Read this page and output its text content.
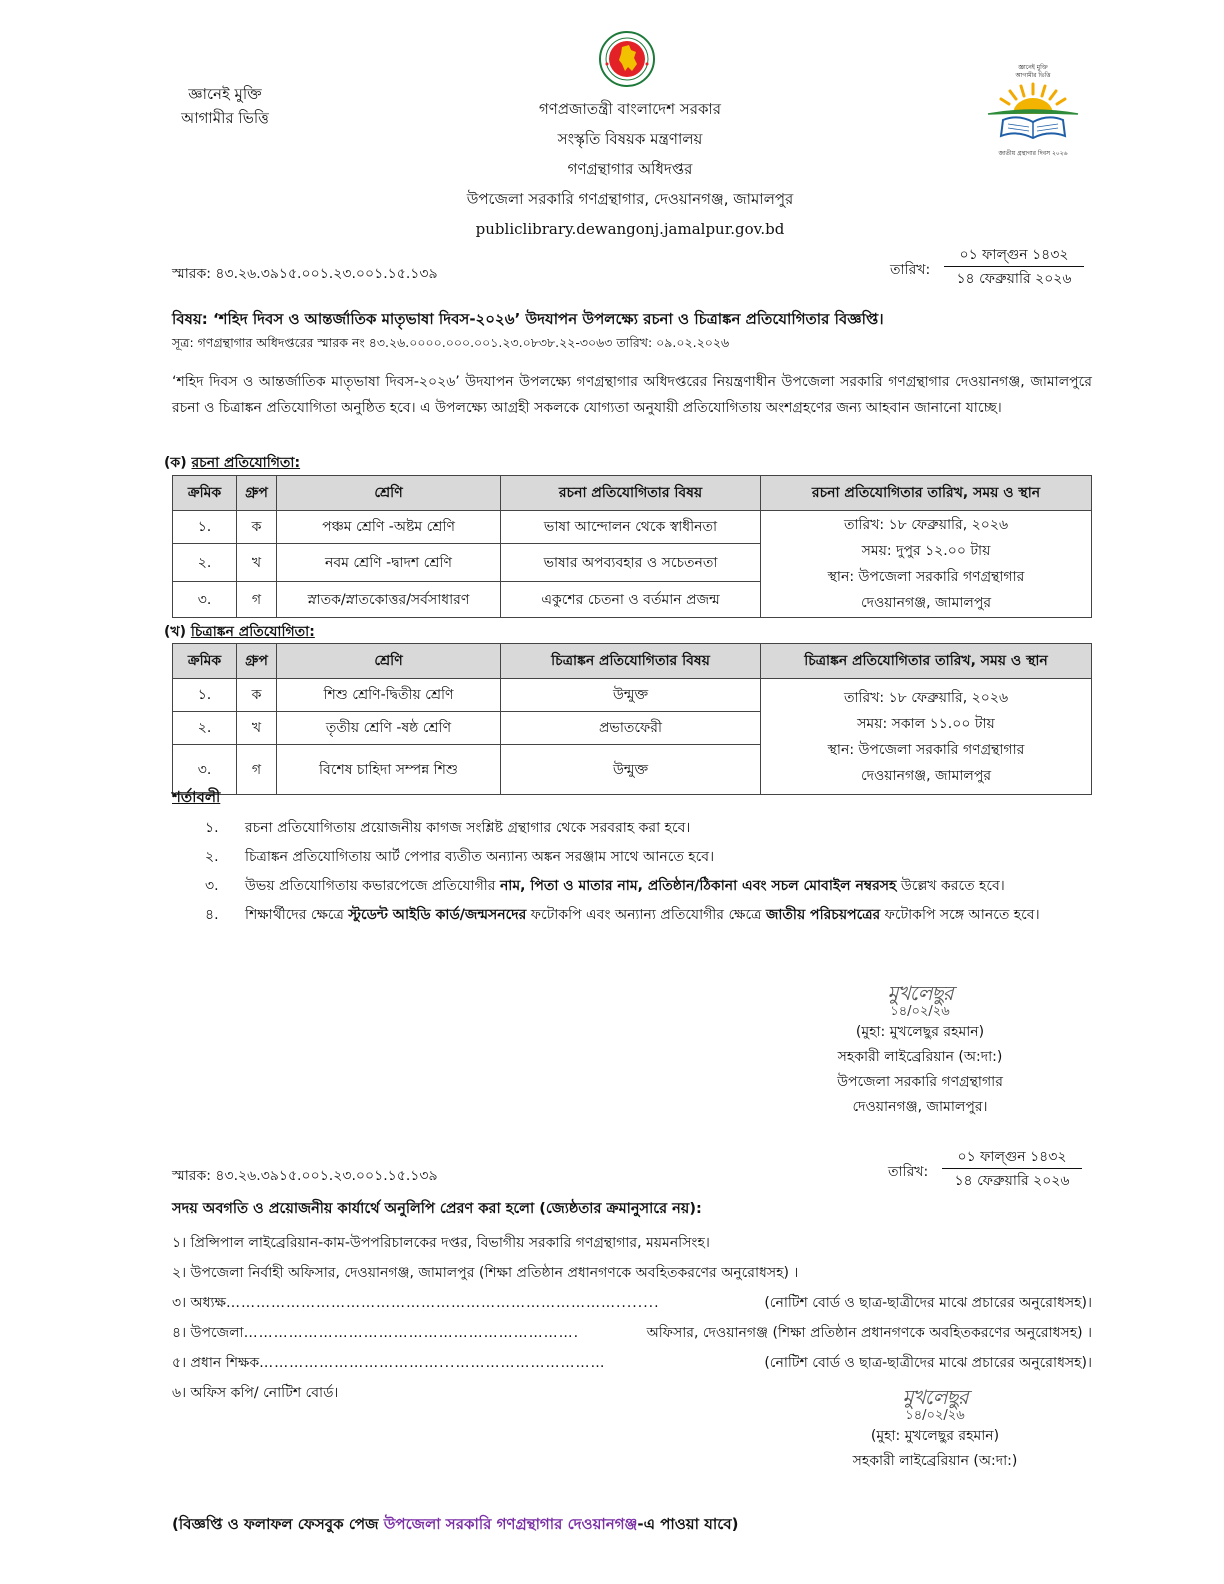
জ্ঞানেই মুক্তি
আগামীর ভিত্তি	গণপ্রজাতন্ত্রী বাংলাদেশ সরকার
সংস্কৃতি বিষয়ক মন্ত্রণালয়
গণগ্রন্থাগার অধিদপ্তর
উপজেলা সরকারি গণগ্রন্থাগার, দেওয়ানগঞ্জ, জামালপুর
publiclibrary.dewangonj.jamalpur.gov.bd
জ্ঞানেই মুক্তি
আগামীর ভিত্তি
জাতীয় গ্রন্থাগার দিবস ২০২৬
স্মারক: ৪৩.২৬.৩৯১৫.০০১.২৩.০০১.১৫.১৩৯	তারিখ:
০১ ফাল্গুন ১৪৩২
১৪ ফেব্রুয়ারি ২০২৬
বিষয়: ‘শহিদ দিবস ও আন্তর্জাতিক মাতৃভাষা দিবস-২০২৬’ উদযাপন উপলক্ষ্যে রচনা ও চিত্রাঙ্কন প্রতিযোগিতার বিজ্ঞপ্তি।
সূত্র: গণগ্রন্থাগার অধিদপ্তরের স্মারক নং ৪৩.২৬.০০০০.০০০.০০১.২৩.০৮৩৮.২২-৩০৬৩ তারিখ: ০৯.০২.২০২৬
‘শহিদ দিবস ও আন্তর্জাতিক মাতৃভাষা দিবস-২০২৬’ উদযাপন উপলক্ষ্যে গণগ্রন্থাগার অধিদপ্তরের নিয়ন্ত্রণাধীন উপজেলা সরকারি গণগ্রন্থাগার দেওয়ানগঞ্জ, জামালপুরে রচনা ও চিত্রাঙ্কন প্রতিযোগিতা অনুষ্ঠিত হবে। এ উপলক্ষ্যে আগ্রহী সকলকে যোগ্যতা অনুযায়ী প্রতিযোগিতায় অংশগ্রহণের জন্য আহবান জানানো যাচ্ছে।
(ক) রচনা প্রতিযোগিতা:
ক্রমিক	গ্রুপ	শ্রেণি	রচনা প্রতিযোগিতার বিষয়	রচনা প্রতিযোগিতার তারিখ, সময় ও স্থান
১.	ক	পঞ্চম শ্রেণি -অষ্টম শ্রেণি	ভাষা আন্দোলন থেকে স্বাধীনতা	তারিখ: ১৮ ফেব্রুয়ারি, ২০২৬
সময়: দুপুর ১২.০০ টায়
স্থান: উপজেলা সরকারি গণগ্রন্থাগার
দেওয়ানগঞ্জ, জামালপুর

২.	খ	নবম শ্রেণি -দ্বাদশ শ্রেণি	ভাষার অপব্যবহার ও সচেতনতা	
৩.	গ	স্নাতক/স্নাতকোত্তর/সর্বসাধারণ	একুশের চেতনা ও বর্তমান প্রজন্ম	
(খ) চিত্রাঙ্কন প্রতিযোগিতা:
ক্রমিক	গ্রুপ	শ্রেণি	চিত্রাঙ্কন প্রতিযোগিতার বিষয়	চিত্রাঙ্কন প্রতিযোগিতার তারিখ, সময় ও স্থান
১.	ক	শিশু শ্রেণি-দ্বিতীয় শ্রেণি	উন্মুক্ত	তারিখ: ১৮ ফেব্রুয়ারি, ২০২৬
সময়: সকাল ১১.০০ টায়
স্থান: উপজেলা সরকারি গণগ্রন্থাগার
দেওয়ানগঞ্জ, জামালপুর

২.	খ	তৃতীয় শ্রেণি -ষষ্ঠ শ্রেণি	প্রভাতফেরী	
৩.	গ	বিশেষ চাহিদা সম্পন্ন শিশু	উন্মুক্ত	
শর্তাবলী
১.	রচনা প্রতিযোগিতায় প্রয়োজনীয় কাগজ সংশ্লিষ্ট গ্রন্থাগার থেকে সরবরাহ করা হবে।
২.	চিত্রাঙ্কন প্রতিযোগিতায় আর্ট পেপার ব্যতীত অন্যান্য অঙ্কন সরঞ্জাম সাথে আনতে হবে।
৩.	উভয় প্রতিযোগিতায় কভারপেজে প্রতিযোগীর নাম, পিতা ও মাতার নাম, প্রতিষ্ঠান/ঠিকানা এবং সচল মোবাইল নম্বরসহ উল্লেখ করতে হবে।
৪.	শিক্ষার্থীদের ক্ষেত্রে স্টুডেন্ট আইডি কার্ড/জন্মসনদের ফটোকপি এবং অন্যান্য প্রতিযোগীর ক্ষেত্রে জাতীয় পরিচয়পত্রের ফটোকপি সঙ্গে আনতে হবে।
মুখলেছুর
১৪/০২/২৬
(মুহা: মুখলেছুর রহমান)
সহকারী লাইব্রেরিয়ান (অ:দা:)
উপজেলা সরকারি গণগ্রন্থাগার
দেওয়ানগঞ্জ, জামালপুর।
স্মারক: ৪৩.২৬.৩৯১৫.০০১.২৩.০০১.১৫.১৩৯	তারিখ:
০১ ফাল্গুন ১৪৩২
১৪ ফেব্রুয়ারি ২০২৬
সদয় অবগতি ও প্রয়োজনীয় কার্যার্থে অনুলিপি প্রেরণ করা হলো (জ্যেষ্ঠতার ক্রমানুসারে নয়):
১। প্রিন্সিপাল লাইব্রেরিয়ান-কাম-উপপরিচালকের দপ্তর, বিভাগীয় সরকারি গণগ্রন্থাগার, ময়মনসিংহ।
২। উপজেলা নির্বাহী অফিসার, দেওয়ানগঞ্জ, জামালপুর (শিক্ষা প্রতিষ্ঠান প্রধানগণকে অবহিতকরণের অনুরোধসহ) ।
৩। অধ্যক্ষ ……………………………………………………………………........	(নোটিশ বোর্ড ও ছাত্র-ছাত্রীদের মাঝে প্রচারের অনুরোধসহ)।
৪। উপজেলা ………………………………………………………….	অফিসার, দেওয়ানগঞ্জ (শিক্ষা প্রতিষ্ঠান প্রধানগণকে অবহিতকরণের অনুরোধসহ) ।
৫। প্রধান শিক্ষক ………………………………...…………………………	(নোটিশ বোর্ড ও ছাত্র-ছাত্রীদের মাঝে প্রচারের অনুরোধসহ)।
৬। অফিস কপি/ নোটিশ বোর্ড।	মুখলেছুর
১৪/০২/২৬
(মুহা: মুখলেছুর রহমান)
সহকারী লাইব্রেরিয়ান (অ:দা:)
(বিজ্ঞপ্তি ও ফলাফল ফেসবুক পেজ উপজেলা সরকারি গণগ্রন্থাগার দেওয়ানগঞ্জ-এ পাওয়া যাবে)
